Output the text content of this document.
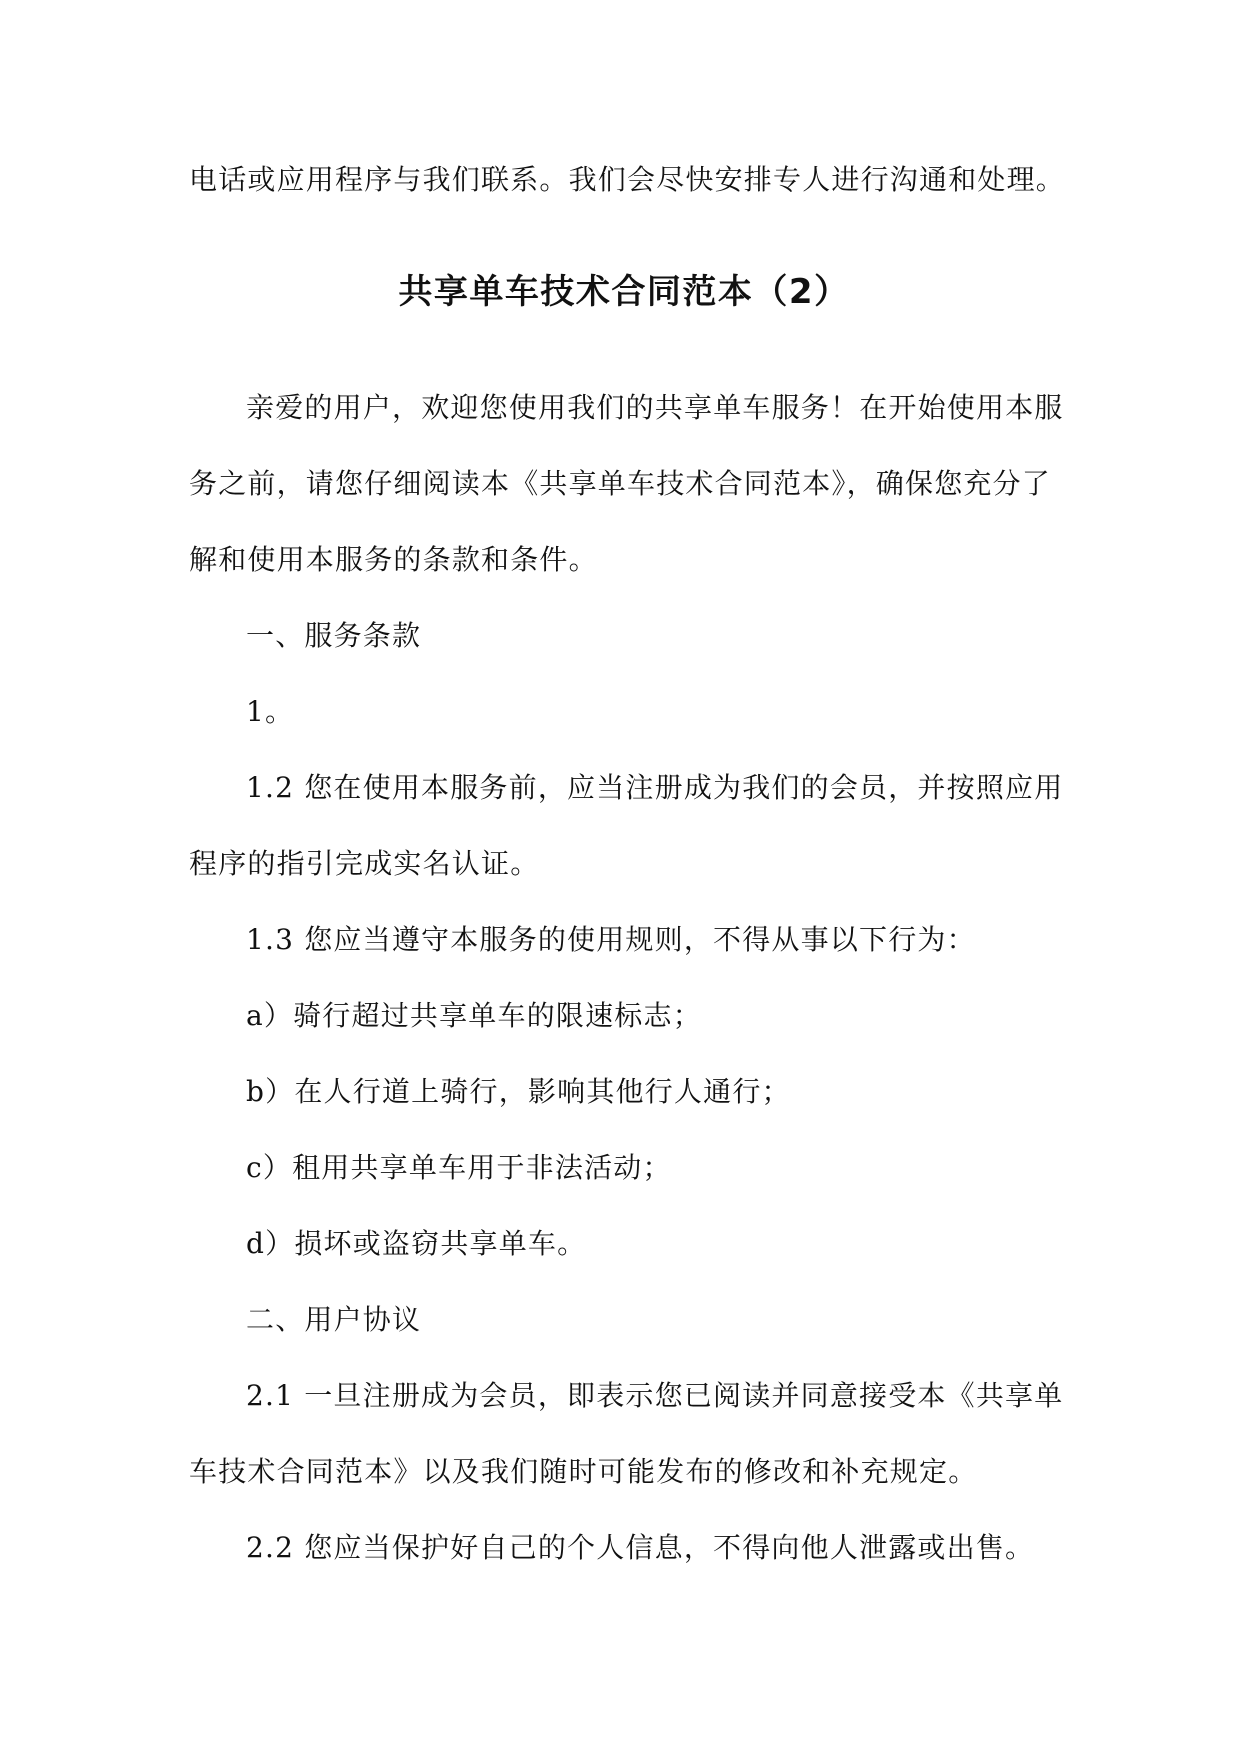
电话或应用程序与我们联系。我们会尽快安排专人进行沟通和处理。
共享单车技术合同范本（2）
亲爱的用户，欢迎您使用我们的共享单车服务！在开始使用本服
务之前，请您仔细阅读本《共享单车技术合同范本》，确保您充分了
解和使用本服务的条款和条件。
一、服务条款
1。
1.2 您在使用本服务前，应当注册成为我们的会员，并按照应用
程序的指引完成实名认证。
1.3 您应当遵守本服务的使用规则，不得从事以下行为：
a）骑行超过共享单车的限速标志；
b）在人行道上骑行，影响其他行人通行；
c）租用共享单车用于非法活动；
d）损坏或盗窃共享单车。
二、用户协议
2.1 一旦注册成为会员，即表示您已阅读并同意接受本《共享单
车技术合同范本》以及我们随时可能发布的修改和补充规定。
2.2 您应当保护好自己的个人信息，不得向他人泄露或出售。
